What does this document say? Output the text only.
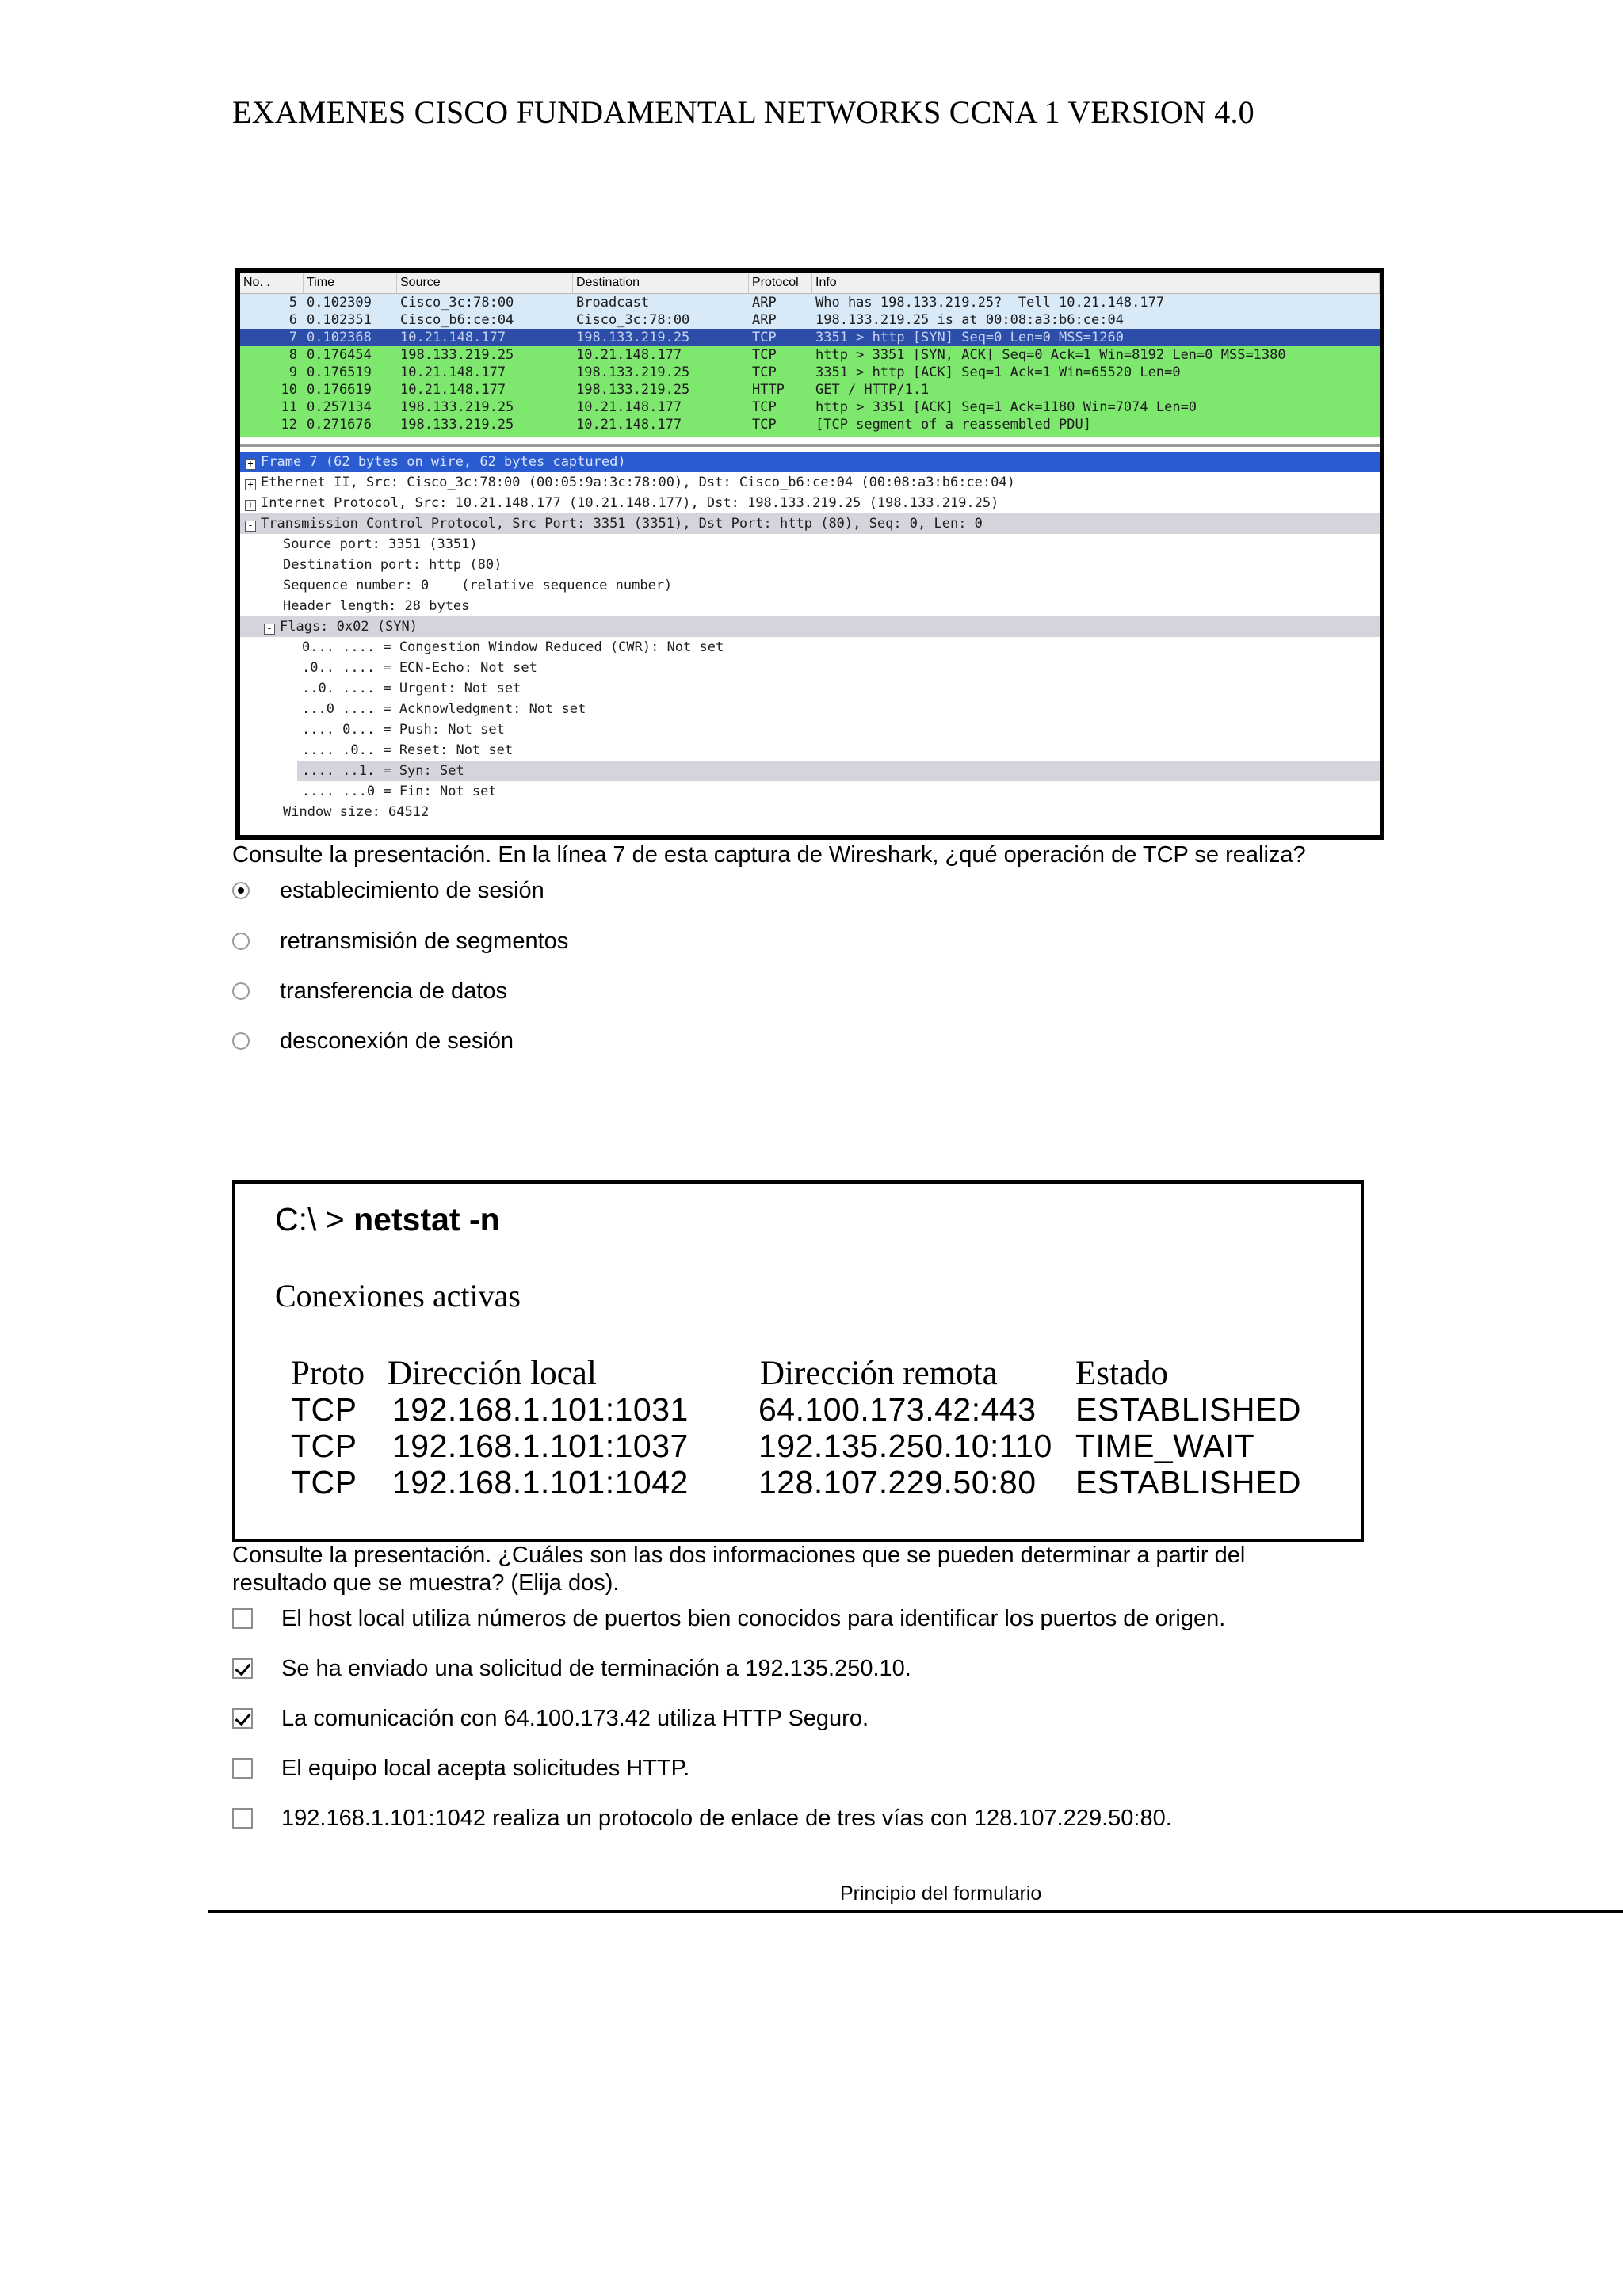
EXAMENES CISCO FUNDAMENTAL NETWORKS CCNA 1 VERSION 4.0
No. .	Time	Source	Destination	Protocol	Info
5 0.102309	Cisco_3c:78:00	Broadcast	ARP	Who has 198.133.219.25?  Tell 10.21.148.177
6 0.102351	Cisco_b6:ce:04	Cisco_3c:78:00	ARP	198.133.219.25 is at 00:08:a3:b6:ce:04
7 0.102368	10.21.148.177	198.133.219.25	TCP	3351 > http [SYN] Seq=0 Len=0 MSS=1260
8 0.176454	198.133.219.25	10.21.148.177	TCP	http > 3351 [SYN, ACK] Seq=0 Ack=1 Win=8192 Len=0 MSS=1380
9 0.176519	10.21.148.177	198.133.219.25	TCP	3351 > http [ACK] Seq=1 Ack=1 Win=65520 Len=0
10 0.176619	10.21.148.177	198.133.219.25	HTTP	GET / HTTP/1.1
11 0.257134	198.133.219.25	10.21.148.177	TCP	http > 3351 [ACK] Seq=1 Ack=1180 Win=7074 Len=0
12 0.271676	198.133.219.25	10.21.148.177	TCP	[TCP segment of a reassembled PDU]
+ Frame 7 (62 bytes on wire, 62 bytes captured)
+ Ethernet II, Src: Cisco_3c:78:00 (00:05:9a:3c:78:00), Dst: Cisco_b6:ce:04 (00:08:a3:b6:ce:04)
+ Internet Protocol, Src: 10.21.148.177 (10.21.148.177), Dst: 198.133.219.25 (198.133.219.25)
- Transmission Control Protocol, Src Port: 3351 (3351), Dst Port: http (80), Seq: 0, Len: 0
Source port: 3351 (3351)
Destination port: http (80)
Sequence number: 0    (relative sequence number)
Header length: 28 bytes
- Flags: 0x02 (SYN)
0... .... = Congestion Window Reduced (CWR): Not set
.0.. .... = ECN-Echo: Not set
..0. .... = Urgent: Not set
...0 .... = Acknowledgment: Not set
.... 0... = Push: Not set
.... .0.. = Reset: Not set
.... ..1. = Syn: Set
.... ...0 = Fin: Not set
Window size: 64512
Consulte la presentación. En la línea 7 de esta captura de Wireshark, ¿qué operación de TCP se realiza?
establecimiento de sesión
retransmisión de segmentos
transferencia de datos
desconexión de sesión
C:\ > netstat -n
Conexiones activas
Proto Dirección local	Dirección remota Estado
TCP 192.168.1.101:1031 64.100.173.42:443 ESTABLISHED
TCP 192.168.1.101:1037 192.135.250.10:110 TIME_WAIT
TCP 192.168.1.101:1042 128.107.229.50:80 ESTABLISHED
Consulte la presentación. ¿Cuáles son las dos informaciones que se pueden determinar a partir del
resultado que se muestra? (Elija dos).
El host local utiliza números de puertos bien conocidos para identificar los puertos de origen.
Se ha enviado una solicitud de terminación a 192.135.250.10.
La comunicación con 64.100.173.42 utiliza HTTP Seguro.
El equipo local acepta solicitudes HTTP.
192.168.1.101:1042 realiza un protocolo de enlace de tres vías con 128.107.229.50:80.
Principio del formulario
